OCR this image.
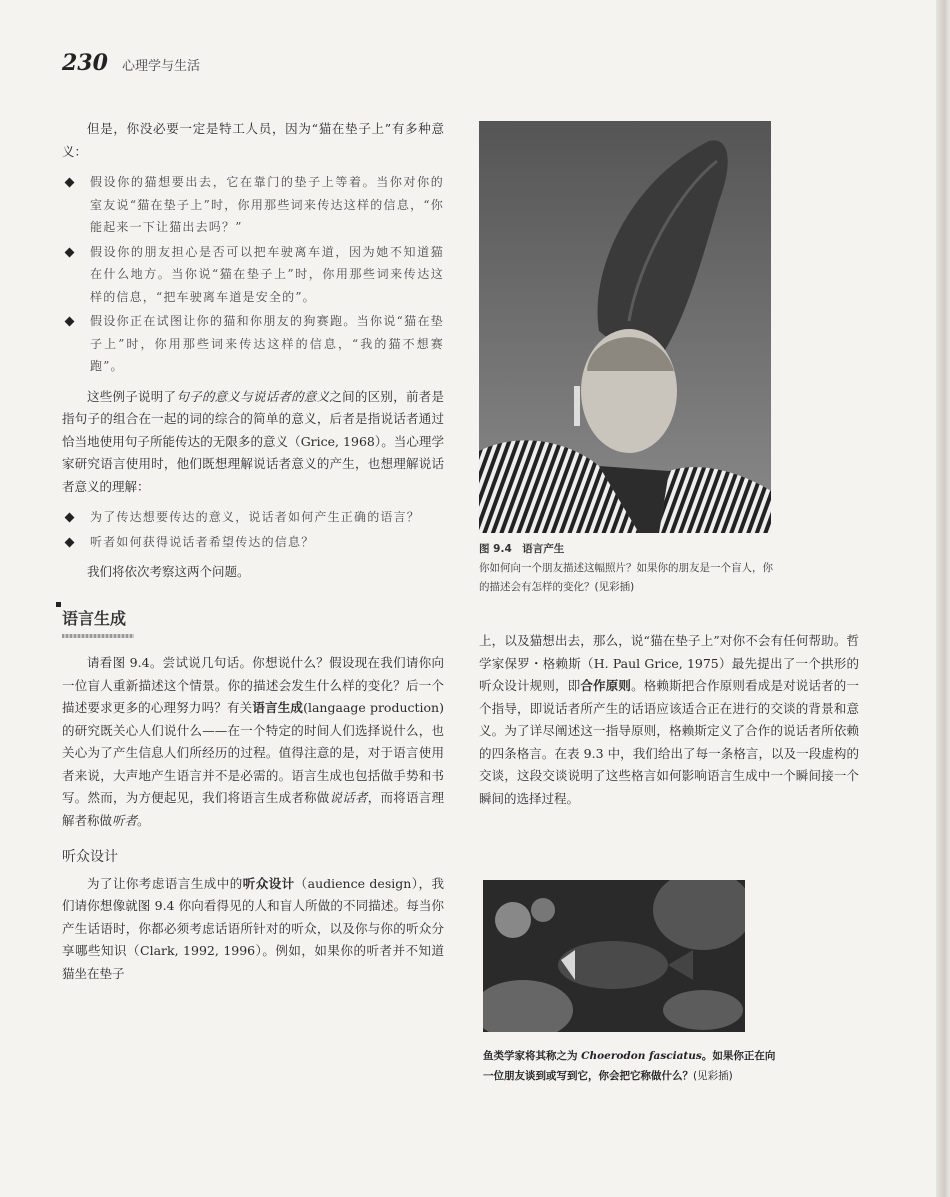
230 心理学与生活

但是，你没必要一定是特工人员，因为“猫在垫子上”有多种意义：

假设你的猫想要出去，它在靠门的垫子上等着。当你对你的室友说“猫在垫子上”时，你用那些词来传达这样的信息，“你能起来一下让猫出去吗？”
假设你的朋友担心是否可以把车驶离车道，因为她不知道猫在什么地方。当你说“猫在垫子上”时，你用那些词来传达这样的信息，“把车驶离车道是安全的”。
假设你正在试图让你的猫和你朋友的狗赛跑。当你说“猫在垫子上”时，你用那些词来传达这样的信息，“我的猫不想赛跑”。

这些例子说明了句子的意义与说话者的意义之间的区别，前者是指句子的组合在一起的词的综合的简单的意义，后者是指说话者通过恰当地使用句子所能传达的无限多的意义（Grice, 1968）。当心理学家研究语言使用时，他们既想理解说话者意义的产生，也想理解说话者意义的理解：

为了传达想要传达的意义，说话者如何产生正确的语言？
听者如何获得说话者希望传达的信息？

我们将依次考察这两个问题。

语言生成

请看图 9.4。尝试说几句话。你想说什么？假设现在我们请你向一位盲人重新描述这个情景。你的描述会发生什么样的变化？后一个描述要求更多的心理努力吗？有关语言生成(langaage production) 的研究既关心人们说什么——在一个特定的时间人们选择说什么，也关心为了产生信息人们所经历的过程。值得注意的是，对于语言使用者来说，大声地产生语言并不是必需的。语言生成也包括做手势和书写。然而，为方便起见，我们将语言生成者称做说话者，而将语言理解者称做听者。

听众设计

为了让你考虑语言生成中的听众设计（audience design），我们请你想像就图 9.4 你向看得见的人和盲人所做的不同描述。每当你产生话语时，你都必须考虑话语所针对的听众，以及你与你的听众分享哪些知识（Clark, 1992, 1996）。例如，如果你的听者并不知道猫坐在垫子

图 9.4　语言产生
你如何向一个朋友描述这幅照片？如果你的朋友是一个盲人，你的描述会有怎样的变化？(见彩插)

上，以及猫想出去，那么，说“猫在垫子上”对你不会有任何帮助。哲学家保罗・格赖斯（H. Paul Grice, 1975）最先提出了一个拱形的听众设计规则，即合作原则。格赖斯把合作原则看成是对说话者的一个指导，即说话者所产生的话语应该适合正在进行的交谈的背景和意义。为了详尽阐述这一指导原则，格赖斯定义了合作的说话者所依赖的四条格言。在表 9.3 中，我们给出了每一条格言，以及一段虚构的交谈，这段交谈说明了这些格言如何影响语言生成中一个瞬间接一个瞬间的选择过程。

鱼类学家将其称之为 Choerodon fasciatus。如果你正在向一位朋友谈到或写到它，你会把它称做什么？(见彩插)
